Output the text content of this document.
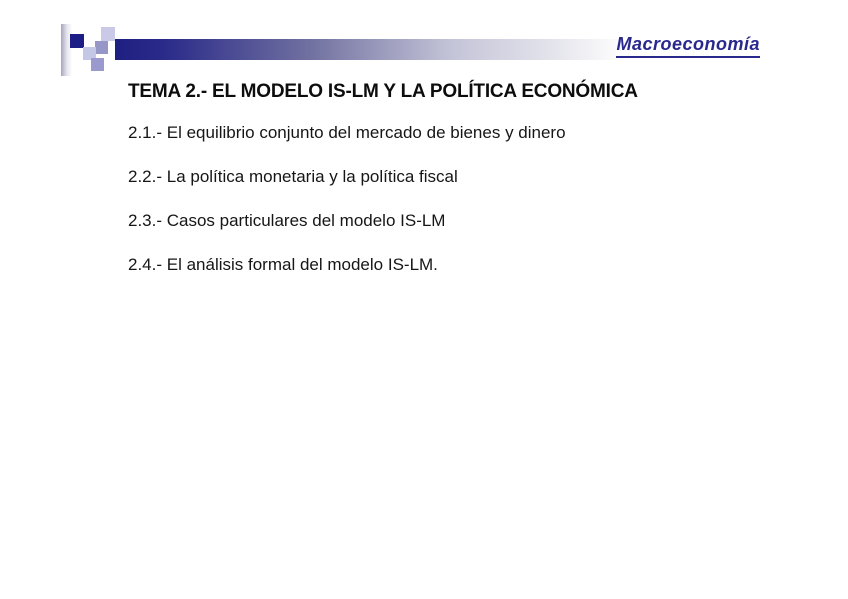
Macroeconomía
TEMA 2.- EL MODELO IS-LM Y LA POLÍTICA ECONÓMICA

2.1.- El equilibrio conjunto del mercado de bienes y dinero

2.2.- La política monetaria y la política fiscal

2.3.- Casos particulares del modelo IS-LM

2.4.- El análisis formal del modelo IS-LM.
